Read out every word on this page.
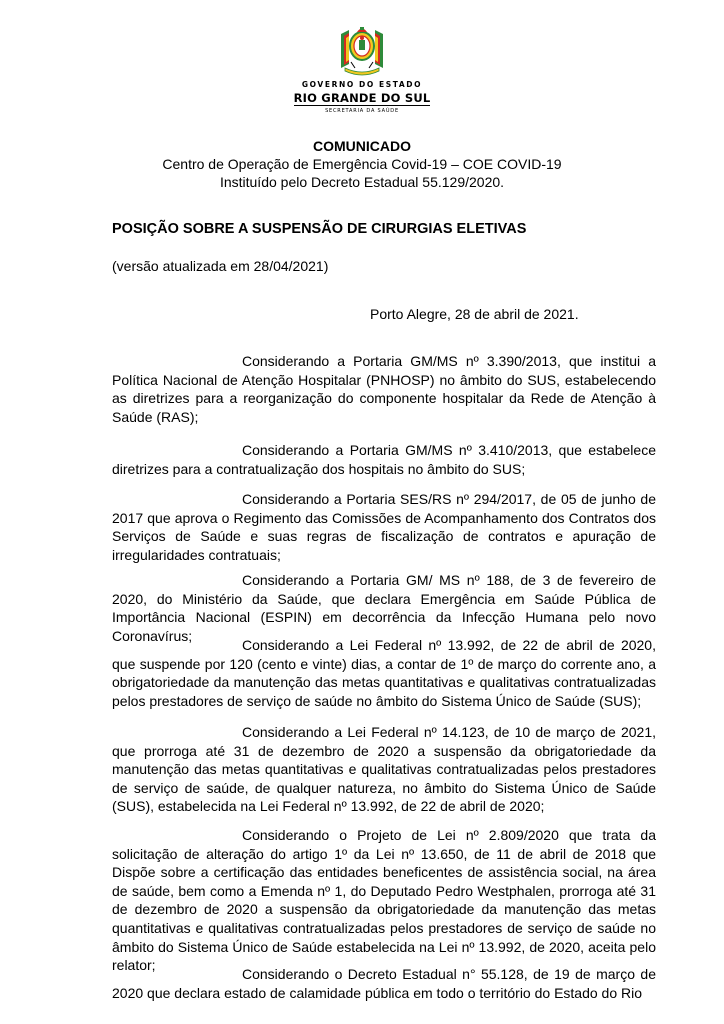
GOVERNO DO ESTADO
RIO GRANDE DO SUL
SECRETARIA DA SAÚDE
COMUNICADO
Centro de Operação de Emergência Covid-19 – COE COVID-19
Instituído pelo Decreto Estadual 55.129/2020.
POSIÇÃO SOBRE A SUSPENSÃO DE CIRURGIAS ELETIVAS
(versão atualizada em 28/04/2021)
Porto Alegre, 28 de abril de 2021.

Considerando a Portaria GM/MS nº 3.390/2013, que institui a Política Nacional de Atenção Hospitalar (PNHOSP) no âmbito do SUS, estabelecendo as diretrizes para a reorganização do componente hospitalar da Rede de Atenção à Saúde (RAS);

Considerando a Portaria GM/MS nº 3.410/2013, que estabelece diretrizes para a contratualização dos hospitais no âmbito do SUS;

Considerando a Portaria SES/RS nº 294/2017, de 05 de junho de 2017 que aprova o Regimento das Comissões de Acompanhamento dos Contratos dos Serviços de Saúde e suas regras de fiscalização de contratos e apuração de irregularidades contratuais;

Considerando a Portaria GM/ MS nº 188, de 3 de fevereiro de 2020, do Ministério da Saúde, que declara Emergência em Saúde Pública de Importância Nacional (ESPIN) em decorrência da Infecção Humana pelo novo Coronavírus;

Considerando a Lei Federal nº 13.992, de 22 de abril de 2020, que suspende por 120 (cento e vinte) dias, a contar de 1º de março do corrente ano, a obrigatoriedade da manutenção das metas quantitativas e qualitativas contratualizadas pelos prestadores de serviço de saúde no âmbito do Sistema Único de Saúde (SUS);

Considerando a Lei Federal nº 14.123, de 10 de março de 2021, que prorroga até 31 de dezembro de 2020 a suspensão da obrigatoriedade da manutenção das metas quantitativas e qualitativas contratualizadas pelos prestadores de serviço de saúde, de qualquer natureza, no âmbito do Sistema Único de Saúde (SUS), estabelecida na Lei Federal nº 13.992, de 22 de abril de 2020;

Considerando o Projeto de Lei nº 2.809/2020 que trata da solicitação de alteração do artigo 1º da Lei nº 13.650, de 11 de abril de 2018 que Dispõe sobre a certificação das entidades beneficentes de assistência social, na área de saúde, bem como a Emenda nº 1, do Deputado Pedro Westphalen, prorroga até 31 de dezembro de 2020 a suspensão da obrigatoriedade da manutenção das metas quantitativas e qualitativas contratualizadas pelos prestadores de serviço de saúde no âmbito do Sistema Único de Saúde estabelecida na Lei nº 13.992, de 2020, aceita pelo relator;

Considerando o Decreto Estadual n° 55.128, de 19 de março de 2020 que declara estado de calamidade pública em todo o território do Estado do Rio
